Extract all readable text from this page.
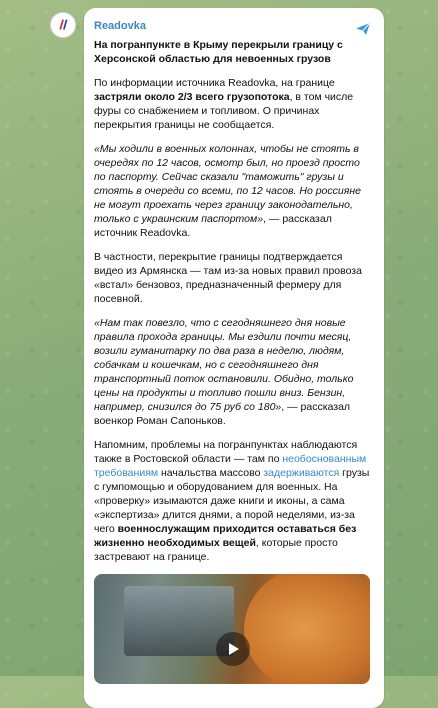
Readovka
На погранпункте в Крыму перекрыли границу с Херсонской областью для невоенных грузов

По информации источника Readovka, на границе застряли около 2/3 всего грузопотока, в том числе фуры со снабжением и топливом. О причинах перекрытия границы не сообщается.

«Мы ходили в военных колоннах, чтобы не стоять в очередях по 12 часов, осмотр был, но проезд просто по паспорту. Сейчас сказали "таможить" грузы и стоять в очереди со всеми, по 12 часов. Но россияне не могут проехать через границу законодательно, только с украинским паспортом», — рассказал источник Readovka.

В частности, перекрытие границы подтверждается видео из Армянска — там из-за новых правил провоза «встал» бензовоз, предназначенный фермеру для посевной.

«Нам так повезло, что с сегодняшнего дня новые правила прохода границы. Мы ездили почти месяц, возили гуманитарку по два раза в неделю, людям, собачкам и кошечкам, но с сегодняшнего дня транспортный поток остановили. Обидно, только цены на продукты и топливо пошли вниз. Бензин, например, снизился до 75 руб со 180», — рассказал военкор Роман Сапоньков.

Напомним, проблемы на погранпунктах наблюдаются также в Ростовской области — там по необоснованным требованиям начальства массово задерживаются грузы с гумпомощью и оборудованием для военных. На «проверку» изымаются даже книги и иконы, а сама «экспертиза» длится днями, а порой неделями, из-за чего военнослужащим приходится оставаться без жизненно необходимых вещей, которые просто застревают на границе.
